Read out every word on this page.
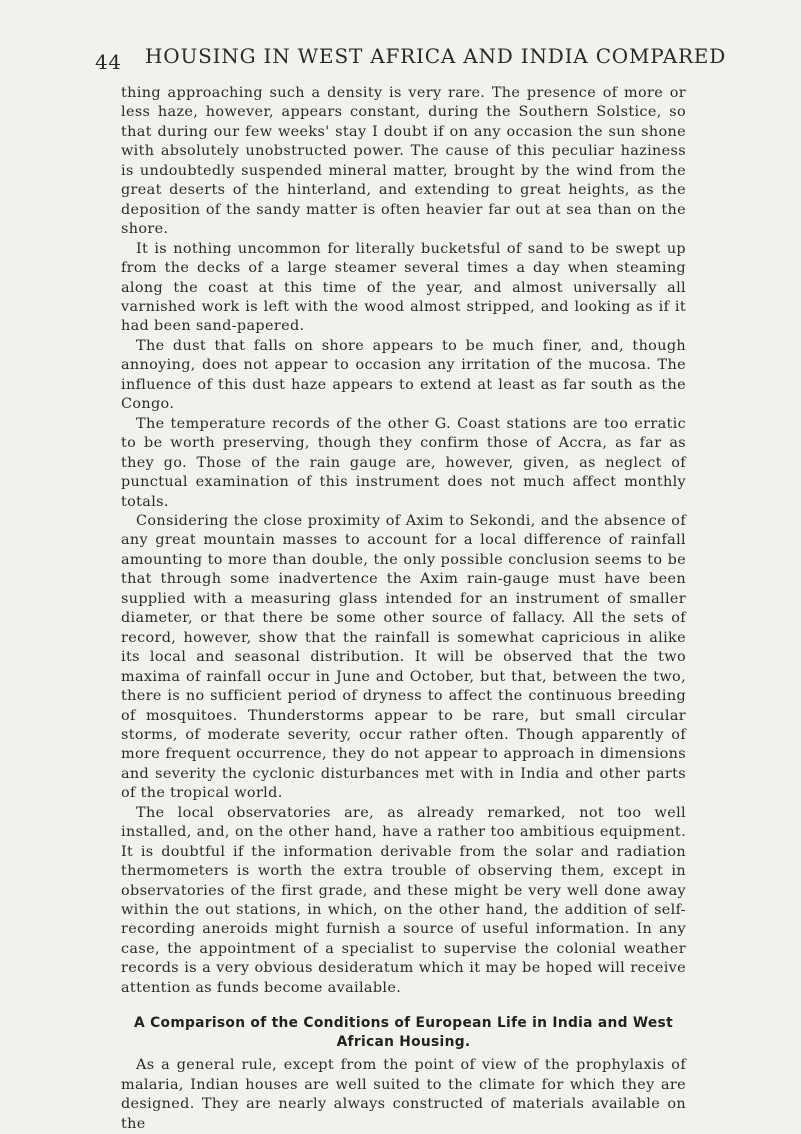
44 HOUSING IN WEST AFRICA AND INDIA COMPARED

thing approaching such a density is very rare. The presence of more or less haze, however, appears constant, during the Southern Solstice, so that during our few weeks' stay I doubt if on any occasion the sun shone with absolutely unobstructed power. The cause of this peculiar haziness is undoubtedly suspended mineral matter, brought by the wind from the great deserts of the hinterland, and extending to great heights, as the deposition of the sandy matter is often heavier far out at sea than on the shore.

It is nothing uncommon for literally bucketsful of sand to be swept up from the decks of a large steamer several times a day when steaming along the coast at this time of the year, and almost universally all varnished work is left with the wood almost stripped, and looking as if it had been sand-papered.

The dust that falls on shore appears to be much finer, and, though annoying, does not appear to occasion any irritation of the mucosa. The influence of this dust haze appears to extend at least as far south as the Congo.

The temperature records of the other G. Coast stations are too erratic to be worth preserving, though they confirm those of Accra, as far as they go. Those of the rain gauge are, however, given, as neglect of punctual examination of this instrument does not much affect monthly totals.

Considering the close proximity of Axim to Sekondi, and the absence of any great mountain masses to account for a local difference of rainfall amounting to more than double, the only possible conclusion seems to be that through some inadvertence the Axim rain-gauge must have been supplied with a measuring glass intended for an instrument of smaller diameter, or that there be some other source of fallacy. All the sets of record, however, show that the rainfall is somewhat capricious in alike its local and seasonal distribution. It will be observed that the two maxima of rainfall occur in June and October, but that, between the two, there is no sufficient period of dryness to affect the continuous breeding of mosquitoes. Thunderstorms appear to be rare, but small circular storms, of moderate severity, occur rather often. Though apparently of more frequent occurrence, they do not appear to approach in dimensions and severity the cyclonic disturbances met with in India and other parts of the tropical world.

The local observatories are, as already remarked, not too well installed, and, on the other hand, have a rather too ambitious equipment. It is doubtful if the information derivable from the solar and radiation thermometers is worth the extra trouble of observing them, except in observatories of the first grade, and these might be very well done away within the out stations, in which, on the other hand, the addition of self-recording aneroids might furnish a source of useful information. In any case, the appointment of a specialist to supervise the colonial weather records is a very obvious desideratum which it may be hoped will receive attention as funds become available.

A Comparison of the Conditions of European Life in India and West
African Housing.

As a general rule, except from the point of view of the prophylaxis of malaria, Indian houses are well suited to the climate for which they are designed. They are nearly always constructed of materials available on the
